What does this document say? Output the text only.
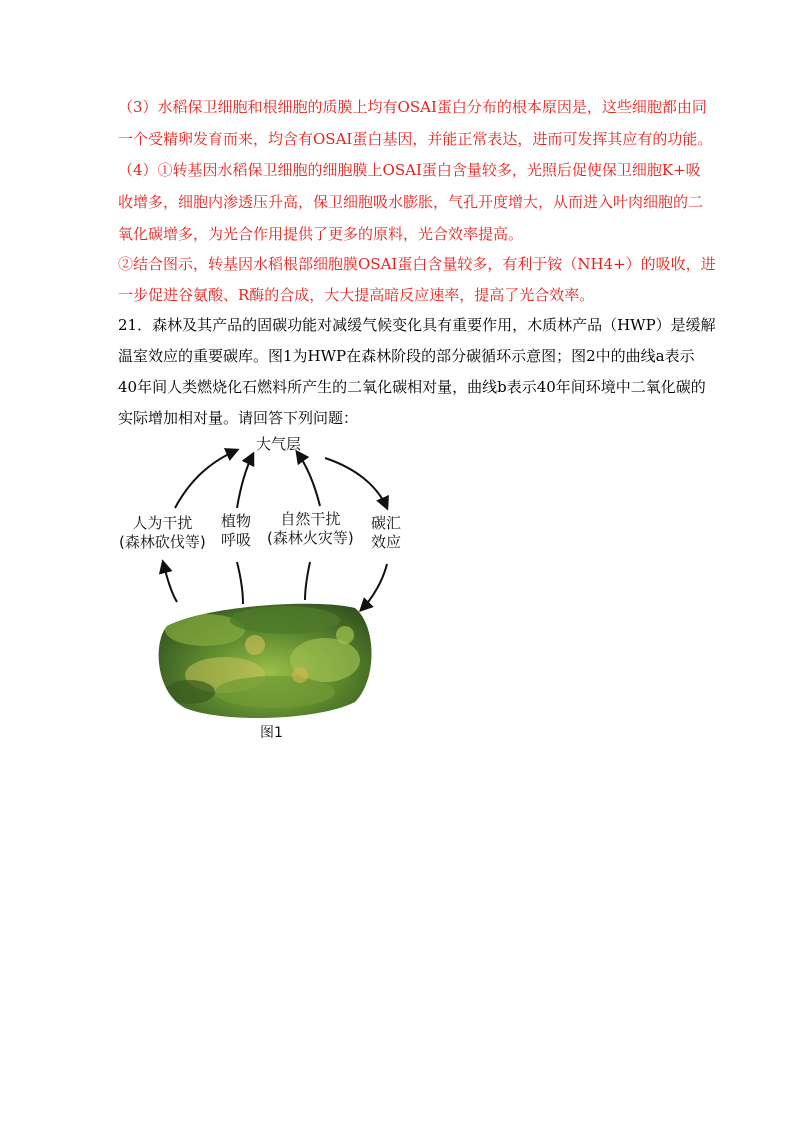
（3）水稻保卫细胞和根细胞的质膜上均有OSAI蛋白分布的根本原因是，这些细胞都由同
一个受精卵发育而来，均含有OSAI蛋白基因，并能正常表达，进而可发挥其应有的功能。
（4）①转基因水稻保卫细胞的细胞膜上OSAI蛋白含量较多，光照后促使保卫细胞K+吸
收增多，细胞内渗透压升高，保卫细胞吸水膨胀，气孔开度增大，从而进入叶肉细胞的二
氧化碳增多，为光合作用提供了更多的原料，光合效率提高。
②结合图示，转基因水稻根部细胞膜OSAI蛋白含量较多，有利于铵（NH4+）的吸收，进
一步促进谷氨酸、R酶的合成，大大提高暗反应速率，提高了光合效率。
21．森林及其产品的固碳功能对减缓气候变化具有重要作用，木质林产品（HWP）是缓解
温室效应的重要碳库。图1为HWP在森林阶段的部分碳循环示意图；图2中的曲线a表示
40年间人类燃烧化石燃料所产生的二氧化碳相对量，曲线b表示40年间环境中二氧化碳的
实际增加相对量。请回答下列问题：
大气层
人为干扰
(森林砍伐等)
植物
呼吸
自然干扰
(森林火灾等)
碳汇
效应
图1
